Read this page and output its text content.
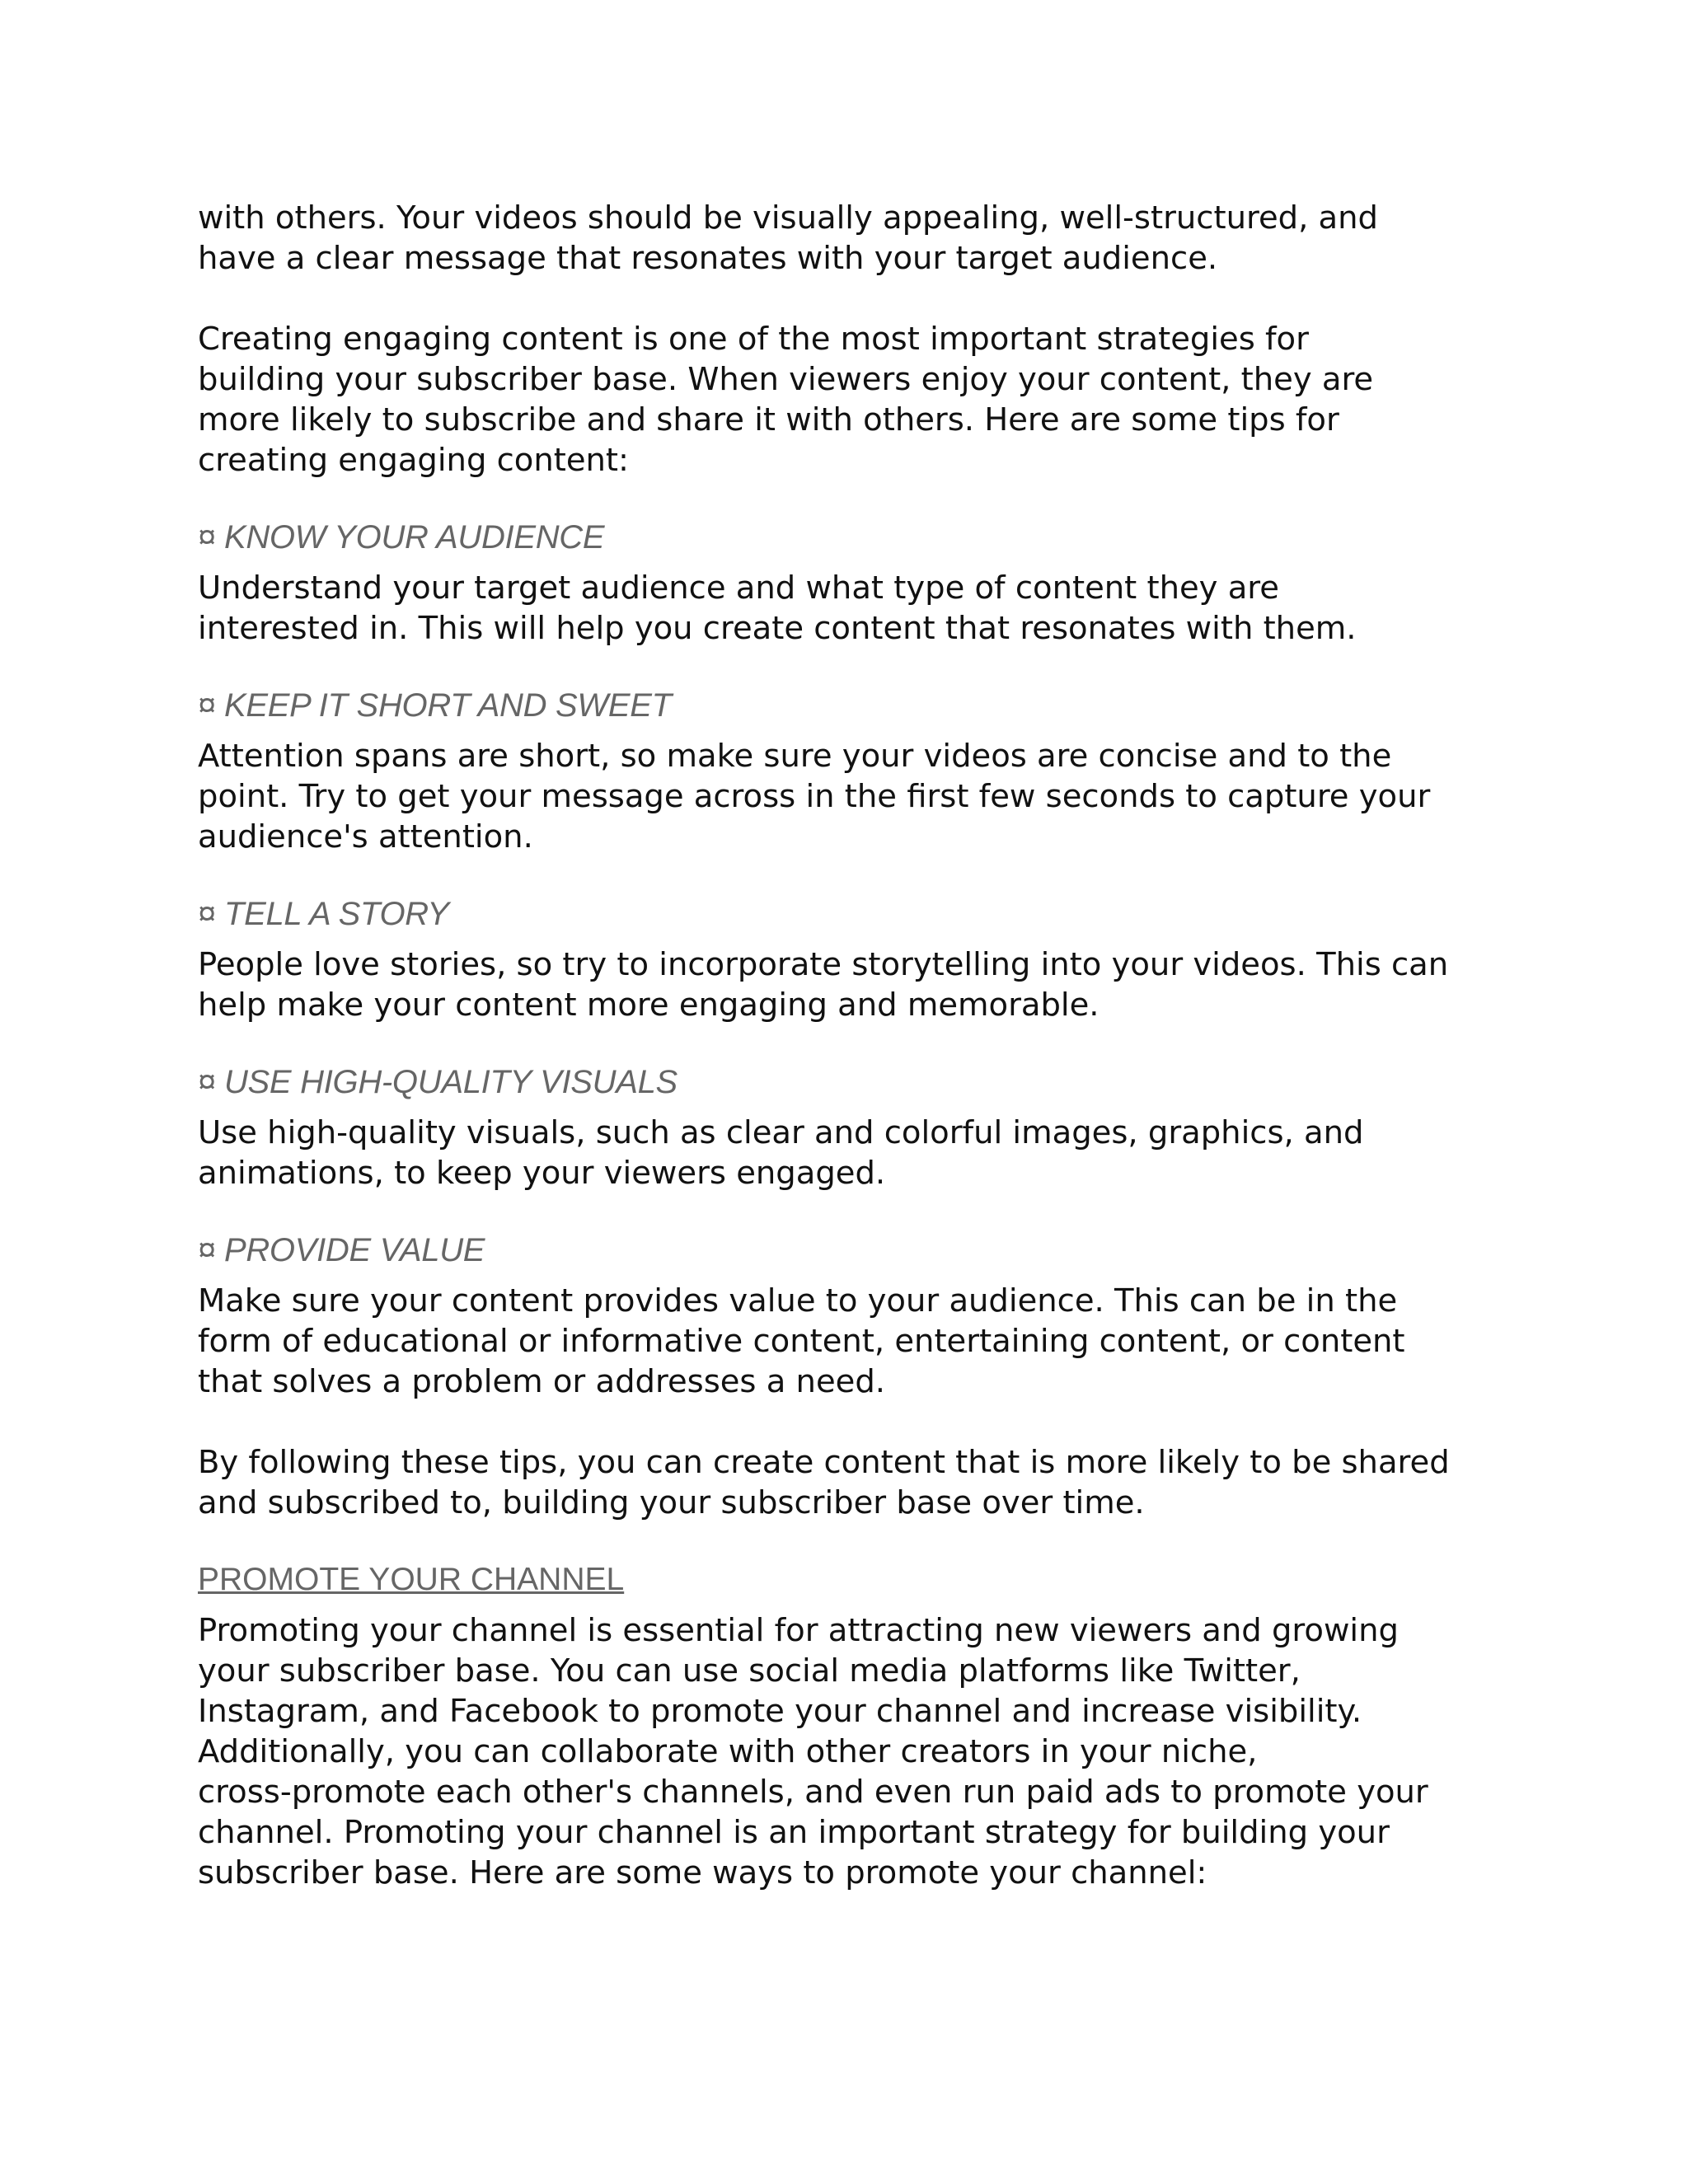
with others. Your videos should be visually appealing, well-structured, and
have a clear message that resonates with your target audience.

Creating engaging content is one of the most important strategies for
building your subscriber base. When viewers enjoy your content, they are
more likely to subscribe and share it with others. Here are some tips for
creating engaging content:

¤ KNOW YOUR AUDIENCE

Understand your target audience and what type of content they are
interested in. This will help you create content that resonates with them.

¤ KEEP IT SHORT AND SWEET

Attention spans are short, so make sure your videos are concise and to the
point. Try to get your message across in the first few seconds to capture your
audience's attention.

¤ TELL A STORY

People love stories, so try to incorporate storytelling into your videos. This can
help make your content more engaging and memorable.

¤ USE HIGH-QUALITY VISUALS

Use high-quality visuals, such as clear and colorful images, graphics, and
animations, to keep your viewers engaged.

¤ PROVIDE VALUE

Make sure your content provides value to your audience. This can be in the
form of educational or informative content, entertaining content, or content
that solves a problem or addresses a need.

By following these tips, you can create content that is more likely to be shared
and subscribed to, building your subscriber base over time.

PROMOTE YOUR CHANNEL

Promoting your channel is essential for attracting new viewers and growing
your subscriber base. You can use social media platforms like Twitter,
Instagram, and Facebook to promote your channel and increase visibility.
Additionally, you can collaborate with other creators in your niche,
cross-promote each other's channels, and even run paid ads to promote your
channel. Promoting your channel is an important strategy for building your
subscriber base. Here are some ways to promote your channel:
